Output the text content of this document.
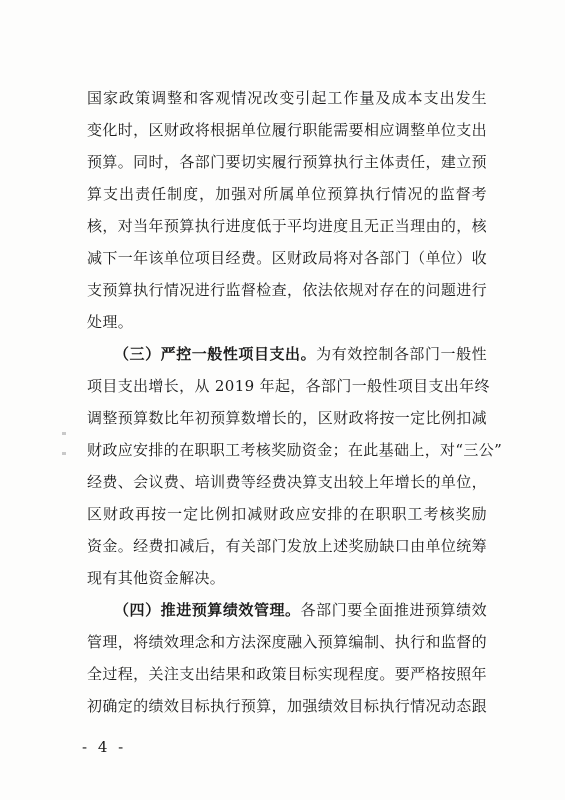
国家政策调整和客观情况改变引起工作量及成本支出发生
变化时，区财政将根据单位履行职能需要相应调整单位支出
预算。同时，各部门要切实履行预算执行主体责任，建立预
算支出责任制度，加强对所属单位预算执行情况的监督考
核，对当年预算执行进度低于平均进度且无正当理由的，核
减下一年该单位项目经费。区财政局将对各部门（单位）收
支预算执行情况进行监督检查，依法依规对存在的问题进行
处理。
（三）严控一般性项目支出。为有效控制各部门一般性
项目支出增长，从 2019 年起，各部门一般性项目支出年终
调整预算数比年初预算数增长的，区财政将按一定比例扣减
财政应安排的在职职工考核奖励资金；在此基础上，对“三公”
经费、会议费、培训费等经费决算支出较上年增长的单位，
区财政再按一定比例扣减财政应安排的在职职工考核奖励
资金。经费扣减后，有关部门发放上述奖励缺口由单位统筹
现有其他资金解决。
（四）推进预算绩效管理。各部门要全面推进预算绩效
管理，将绩效理念和方法深度融入预算编制、执行和监督的
全过程，关注支出结果和政策目标实现程度。要严格按照年
初确定的绩效目标执行预算，加强绩效目标执行情况动态跟
- 4 -
